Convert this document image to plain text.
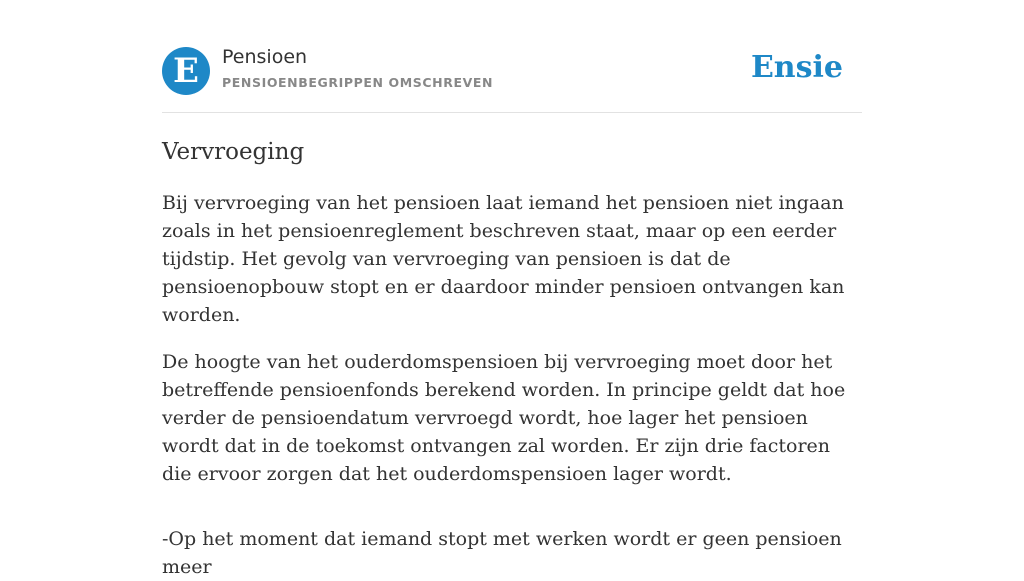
E Pensioen
PENSIOENBEGRIPPEN OMSCHREVEN	Ensie
Vervroeging

Bij vervroeging van het pensioen laat iemand het pensioen niet ingaan zoals in het pensioenreglement beschreven staat, maar op een eerder tijdstip. Het gevolg van vervroeging van pensioen is dat de pensioenopbouw stopt en er daardoor minder pensioen ontvangen kan worden.

De hoogte van het ouderdomspensioen bij vervroeging moet door het betreffende pensioenfonds berekend worden. In principe geldt dat hoe verder de pensioendatum vervroegd wordt, hoe lager het pensioen wordt dat in de toekomst ontvangen zal worden. Er zijn drie factoren die ervoor zorgen dat het ouderdomspensioen lager wordt.

-Op het moment dat iemand stopt met werken wordt er geen pensioen meer
